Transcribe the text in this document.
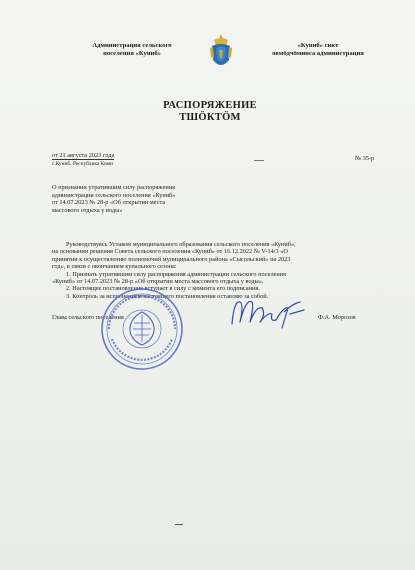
Администрация сельского
поселения «Куниб»
«Куниб» сикт
овмöдчöминса администрация
РАСПОРЯЖЕНИЕ
ТШÖКТÖМ
от 21 августа 2023 года
с.Куниб, Республика Коми
№ 35-р
О признании утратившим силу распоряжения
администрации сельского поселения «Куниб»
от 14.07.2023 № 28-р «Об открытии места
массового отдыха у воды»
Руководствуясь Уставом муниципального образования сельского поселения «Куниб»,
на основании решения Совета сельского поселения «Куниб» от 16.12.2022 № V-14/3 «О
принятии к осуществлению полномочий муниципального района «Сысольский» на 2023
год», в связи с окончанием купального сезона:
1. Признать утратившим силу распоряжения администрации сельского поселения
«Куниб» от 14.07.2023 № 28-р «Об открытии места массового отдыха у воды».
2. Настоящее постановление вступает в силу с момента его подписания.
3. Контроль за исполнением настоящего постановления оставляю за собой.
Глава сельского поселения	Ф.А. Морозов
